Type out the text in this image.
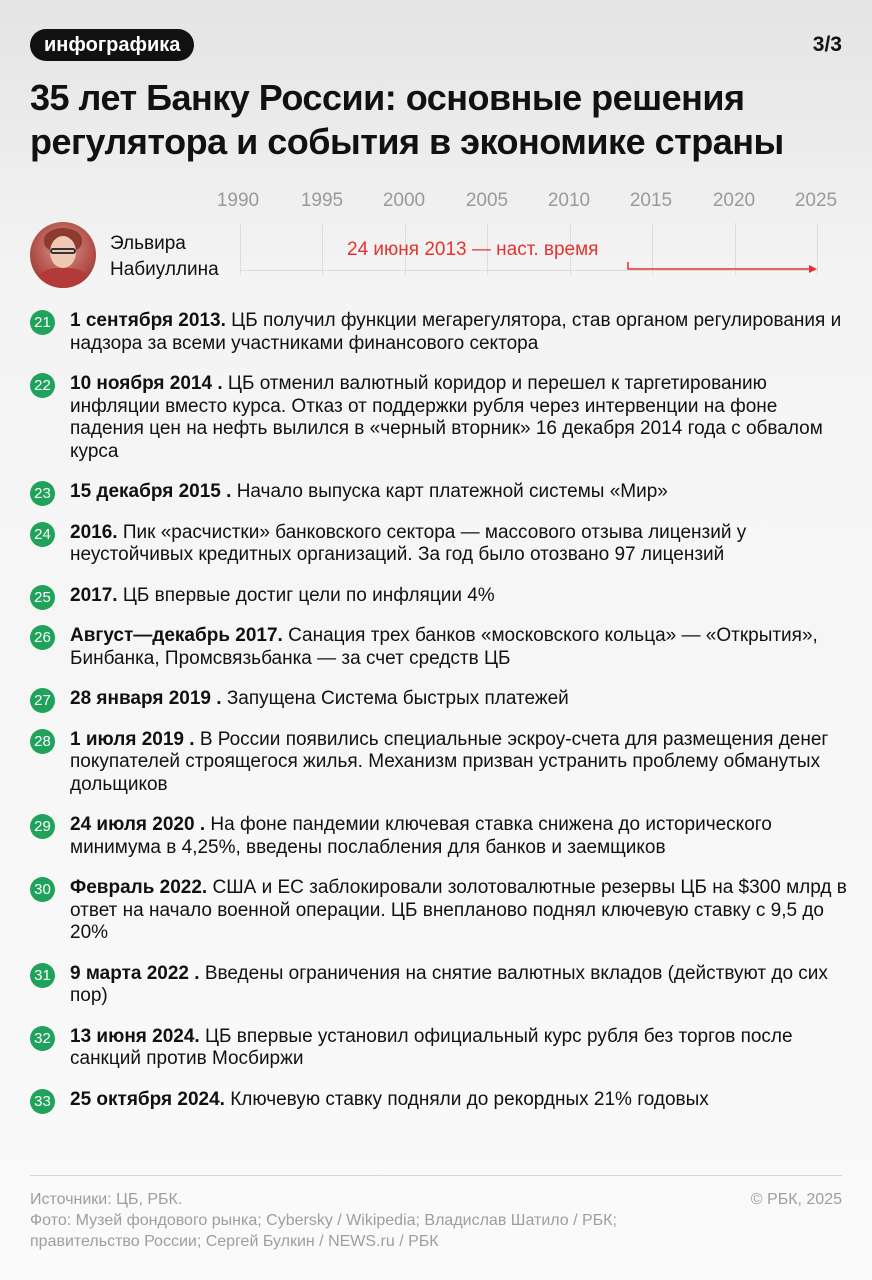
инфографика	3/3
35 лет Банку России: основные решения регулятора и события в экономике страны
1990 1995 2000 2005 2010 2015 2020 2025
Эльвира Набиуллина
24 июня 2013 — наст. время
21 1 сентября 2013. ЦБ получил функции мегарегулятора, став органом регулирования и надзора за всеми участниками финансового сектора
22 10 ноября 2014 . ЦБ отменил валютный коридор и перешел к таргетированию инфляции вместо курса. Отказ от поддержки рубля через интервенции на фоне падения цен на нефть вылился в «черный вторник» 16 декабря 2014 года с обвалом курса
23 15 декабря 2015 . Начало выпуска карт платежной системы «Мир»
24 2016. Пик «расчистки» банковского сектора — массового отзыва лицензий у неустойчивых кредитных организаций. За год было отозвано 97 лицензий
25 2017. ЦБ впервые достиг цели по инфляции 4%
26 Август—декабрь 2017. Санация трех банков «московского кольца» — «Открытия», Бинбанка, Промсвязьбанка — за счет средств ЦБ
27 28 января 2019 . Запущена Система быстрых платежей
28 1 июля 2019 . В России появились специальные эскроу-счета для размещения денег покупателей строящегося жилья. Механизм призван устранить проблему обманутых дольщиков
29 24 июля 2020 . На фоне пандемии ключевая ставка снижена до исторического минимума в 4,25%, введены послабления для банков и заемщиков
30 Февраль 2022. США и ЕС заблокировали золотовалютные резервы ЦБ на $300 млрд в ответ на начало военной операции. ЦБ внепланово поднял ключевую ставку с 9,5 до 20%
31 9 марта 2022 . Введены ограничения на снятие валютных вкладов (действуют до сих пор)
32 13 июня 2024. ЦБ впервые установил официальный курс рубля без торгов после санкций против Мосбиржи
33 25 октября 2024. Ключевую ставку подняли до рекордных 21% годовых
Источники: ЦБ, РБК.
Фото: Музей фондового рынка; Cybersky / Wikipedia; Владислав Шатило / РБК; правительство России; Сергей Булкин / NEWS.ru / РБК
© РБК, 2025
